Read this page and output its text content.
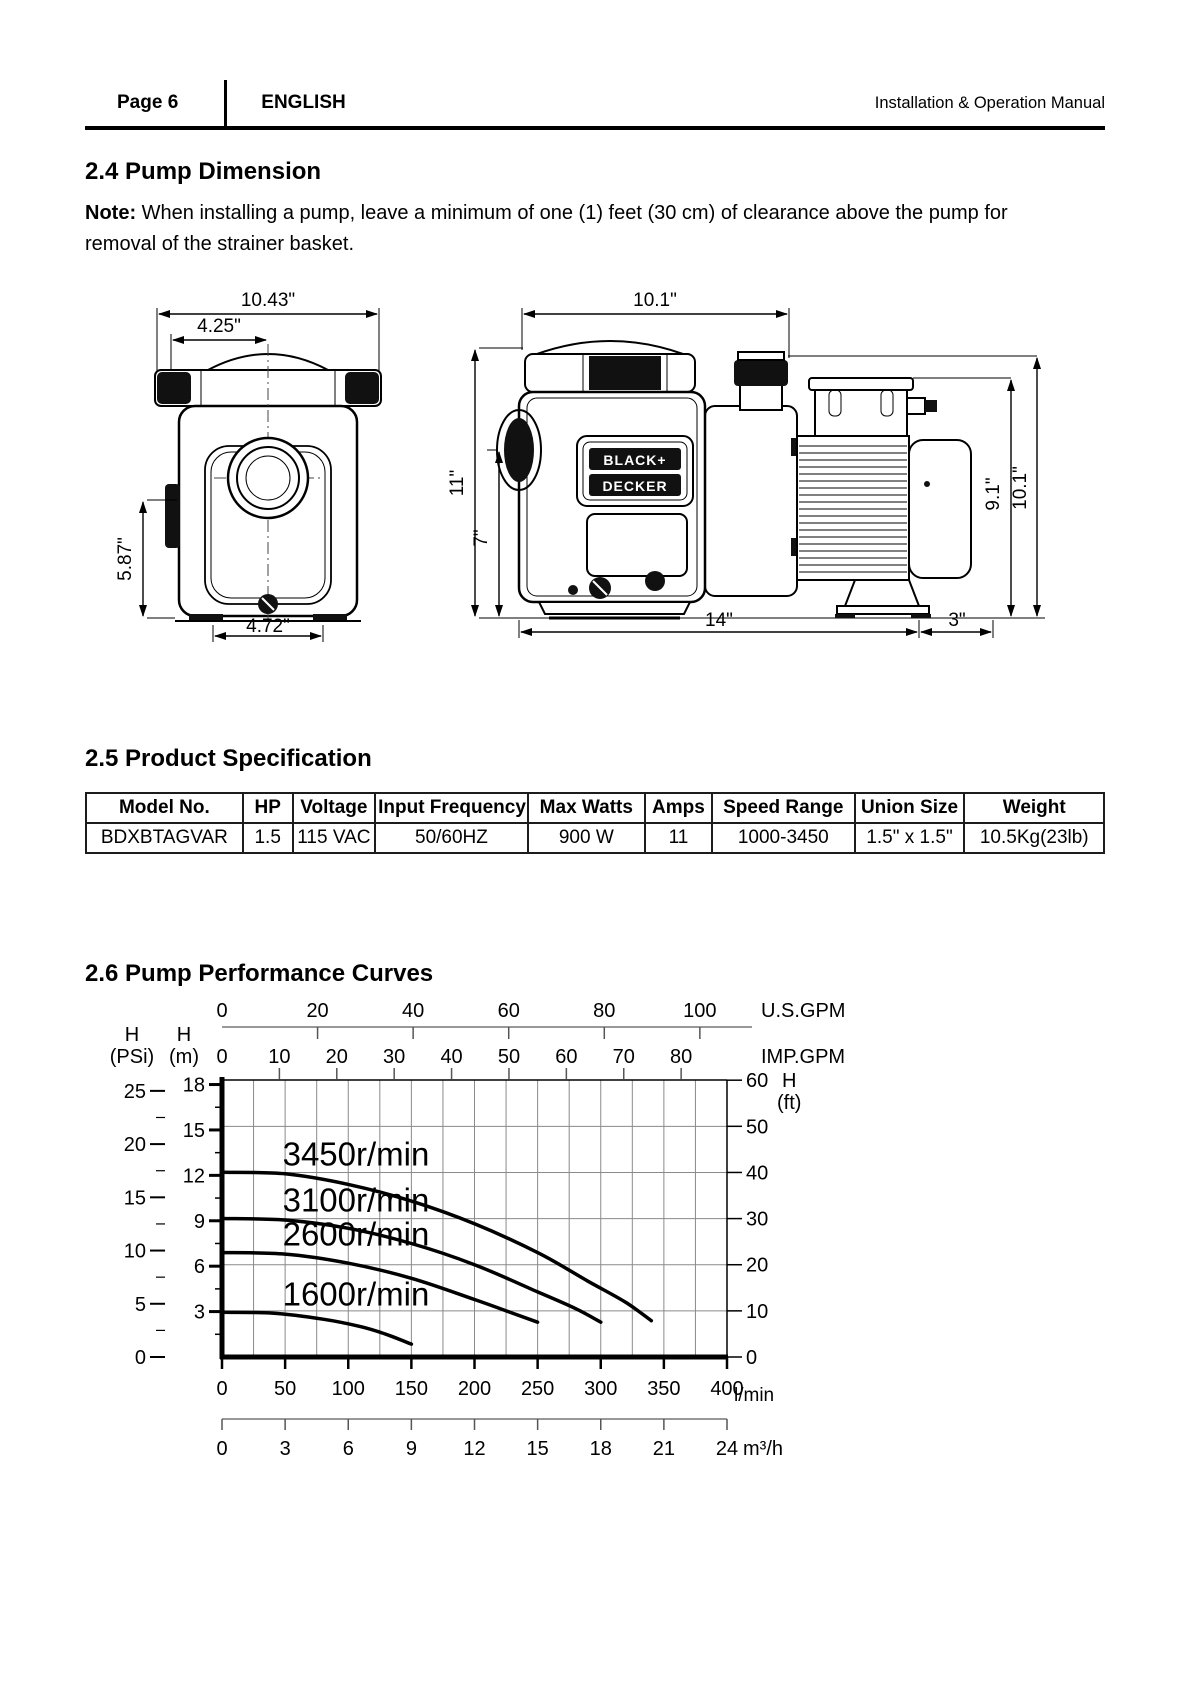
Page 6	ENGLISH	Installation & Operation Manual
2.4 Pump Dimension

Note: When installing a pump, leave a minimum of one (1) feet (30 cm) of clearance above the pump for removal of the strainer basket.

10.43"
4.25"
5.87"
4.72"
10.1"
BLACK+
DECKER
11"
7"
14"	3"
9.1" 10.1"
2.5 Product Specification
Model No.	HP	Voltage	Input Frequency	Max Watts	Amps	Speed Range	Union Size	Weight
BDXBTAGVAR	1.5	115 VAC	50/60HZ	900 W	11	1000-3450	1.5" x 1.5"	10.5Kg(23lb)
2.6 Pump Performance Curves
0	20	40	60	80	100 U.S.GPM
0 10 20 30 40 50 60 70 80	IMP.GPM
3
6
9
12
15
18
0
5
10
15
20
25
H
(PSi)
H
(m)
0
10
20
30
40
50
60 H
(ft)
0 50 100 150 200 250 300 350 400
l/min
0	3	6	9 12 15 18 21 24 m³/h
3450r/min
3100r/min
2600r/min
1600r/min
